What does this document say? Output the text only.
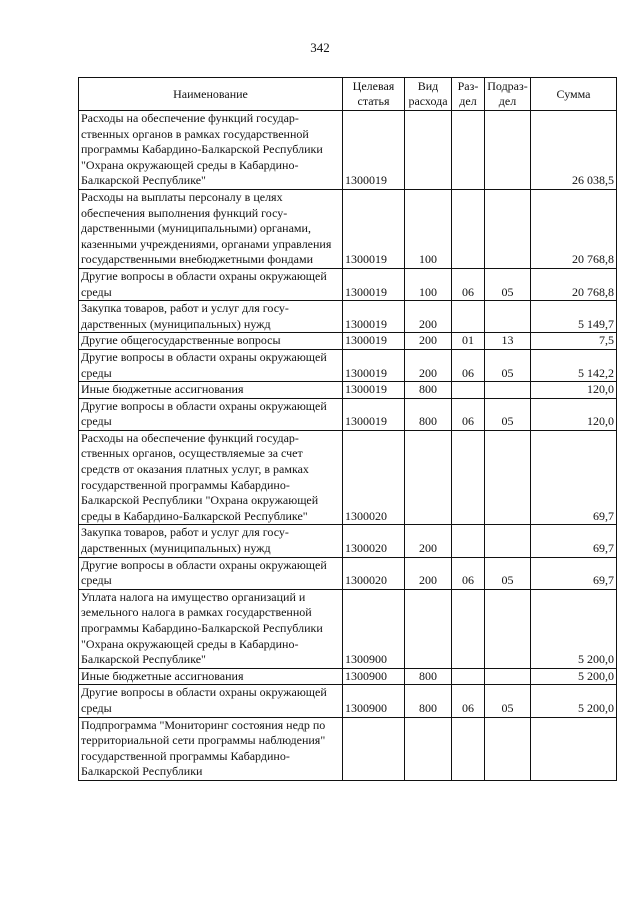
342
Наименование	Целевая статья	Вид расхода	Раз- дел	Подраз- дел	Сумма
Расходы на обеспечение функций государственных органов в рамках государственной программы Кабардино-Балкарской Республики "Охрана окружающей среды в Кабардино-Балкарской Республике"	1300019				26 038,5
Расходы на выплаты персоналу в целях обеспечения выполнения функций государственными (муниципальными) органами, казенными учреждениями, органами управления государственными внебюджетными фондами	1300019	100			20 768,8
Другие вопросы в области охраны окружающей среды	1300019	100	06	05	20 768,8
Закупка товаров, работ и услуг для государственных (муниципальных) нужд	1300019	200			5 149,7
Другие общегосударственные вопросы	1300019	200	01	13	7,5
Другие вопросы в области охраны окружающей среды	1300019	200	06	05	5 142,2
Иные бюджетные ассигнования	1300019	800			120,0
Другие вопросы в области охраны окружающей среды	1300019	800	06	05	120,0
Расходы на обеспечение функций государственных органов, осуществляемые за счет средств от оказания платных услуг, в рамках государственной программы Кабардино-Балкарской Республики "Охрана окружающей среды в Кабардино-Балкарской Республике"	1300020				69,7
Закупка товаров, работ и услуг для государственных (муниципальных) нужд	1300020	200			69,7
Другие вопросы в области охраны окружающей среды	1300020	200	06	05	69,7
Уплата налога на имущество организаций и земельного налога в рамках государственной программы Кабардино-Балкарской Республики "Охрана окружающей среды в Кабардино-Балкарской Республике"	1300900				5 200,0
Иные бюджетные ассигнования	1300900	800			5 200,0
Другие вопросы в области охраны окружающей среды	1300900	800	06	05	5 200,0
Подпрограмма "Мониторинг состояния недр по территориальной сети программы наблюдения" государственной программы Кабардино-Балкарской Республики					
